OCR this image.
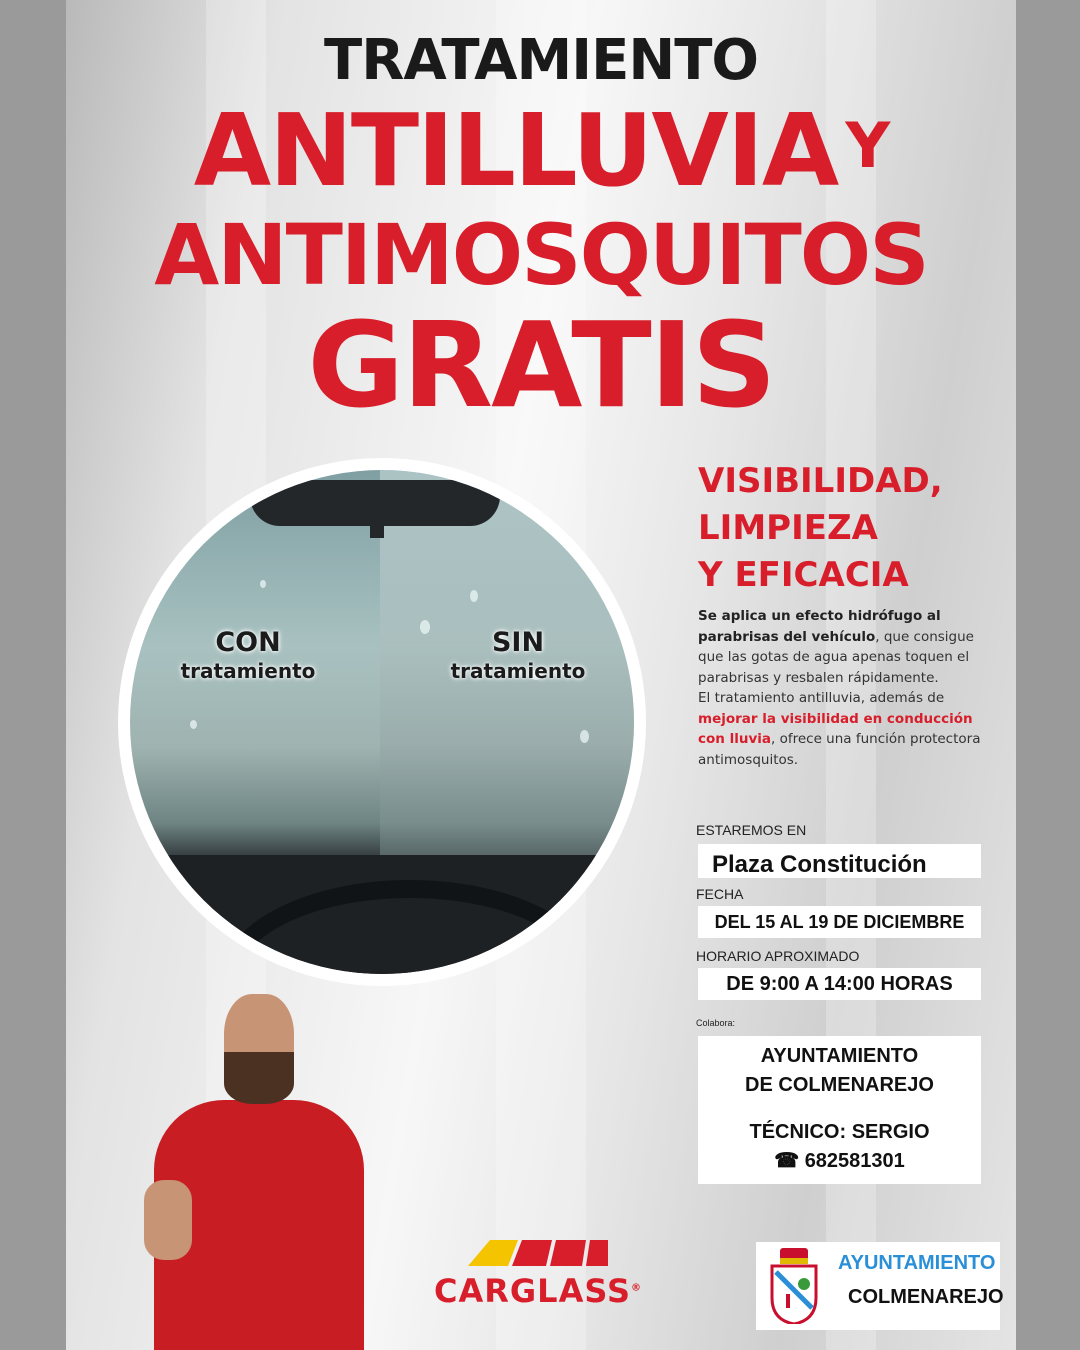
TRATAMIENTO
ANTILLUVIA Y
ANTIMOSQUITOS
GRATIS
CON
tratamiento
SIN
tratamiento
VISIBILIDAD,
LIMPIEZA
Y EFICACIA
Se aplica un efecto hidrófugo al parabrisas del vehículo, que consigue que las gotas de agua apenas toquen el parabrisas y resbalen rápidamente.
El tratamiento antilluvia, además de mejorar la visibilidad en conducción con lluvia, ofrece una función protectora antimosquitos.
ESTAREMOS EN
Plaza Constitución
FECHA
DEL 15 AL 19 DE DICIEMBRE
HORARIO APROXIMADO
DE 9:00 A 14:00 HORAS
Colabora:
AYUNTAMIENTO
DE COLMENAREJO
TÉCNICO: SERGIO
☎ 682581301
CARGLASS®
AYUNTAMIENTO
COLMENAREJO
